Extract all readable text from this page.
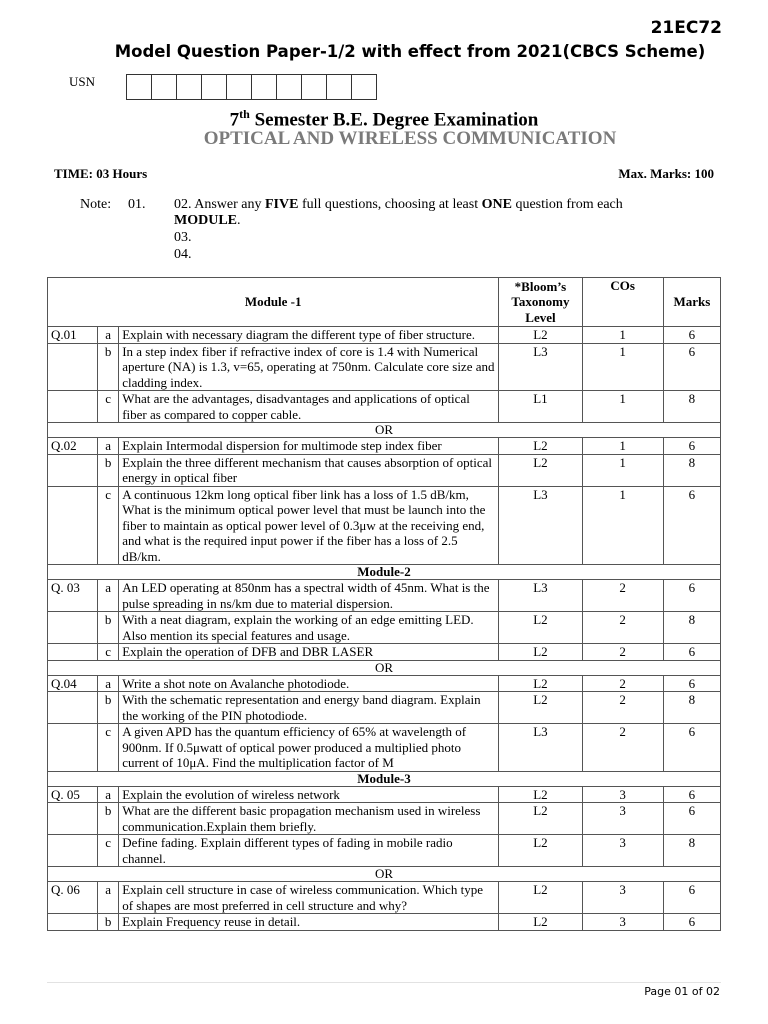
21EC72
Model Question Paper-1/2 with effect from 2021(CBCS Scheme)
USN
7th Semester B.E. Degree Examination
OPTICAL AND WIRELESS COMMUNICATION
TIME: 03 Hours	Max. Marks: 100
Note: 01. 02. Answer any FIVE full questions, choosing at least ONE question from each
MODULE.
03.
04.
Module -1			*Bloom’s Taxonomy Level	COs	Marks
Q.01	a	Explain with necessary diagram the different type of fiber structure.	L2	1	6
	b	In a step index fiber if refractive index of core is 1.4 with Numerical aperture (NA) is 1.3, v=65, operating at 750nm. Calculate core size and cladding index.	L3	1	6
	c	What are the advantages, disadvantages and applications of optical fiber as compared to copper cable.	L1	1	8
OR					
Q.02	a	Explain Intermodal dispersion for multimode step index fiber	L2	1	6
	b	Explain the three different mechanism that causes absorption of optical energy in optical fiber	L2	1	8
	c	A continuous 12km long optical fiber link has a loss of 1.5 dB/km, What is the minimum optical power level that must be launch into the fiber to maintain as optical power level of 0.3μw at the receiving end, and what is the required input power if the fiber has a loss of 2.5 dB/km.	L3	1	6
Module-2					
Q. 03	a	An LED operating at 850nm has a spectral width of 45nm. What is the pulse spreading in ns/km due to material dispersion.	L3	2	6
	b	With a neat diagram, explain the working of an edge emitting LED. Also mention its special features and usage.	L2	2	8
	c	Explain the operation of DFB and DBR LASER	L2	2	6
OR					
Q.04	a	Write a shot note on Avalanche photodiode.	L2	2	6
	b	With the schematic representation and energy band diagram. Explain the working of the PIN photodiode.	L2	2	8
	c	A given APD has the quantum efficiency of 65% at wavelength of 900nm. If 0.5μwatt of optical power produced a multiplied photo current of 10μA. Find the multiplication factor of M	L3	2	6
Module-3					
Q. 05	a	Explain the evolution of wireless network	L2	3	6
	b	What are the different basic propagation mechanism used in wireless communication.Explain them briefly.	L2	3	6
	c	Define fading. Explain different types of fading in mobile radio channel.	L2	3	8
OR					
Q. 06	a	Explain cell structure in case of wireless communication. Which type of shapes are most preferred in cell structure and why?	L2	3	6
	b	Explain Frequency reuse in detail.	L2	3	6
Page 01 of 02
